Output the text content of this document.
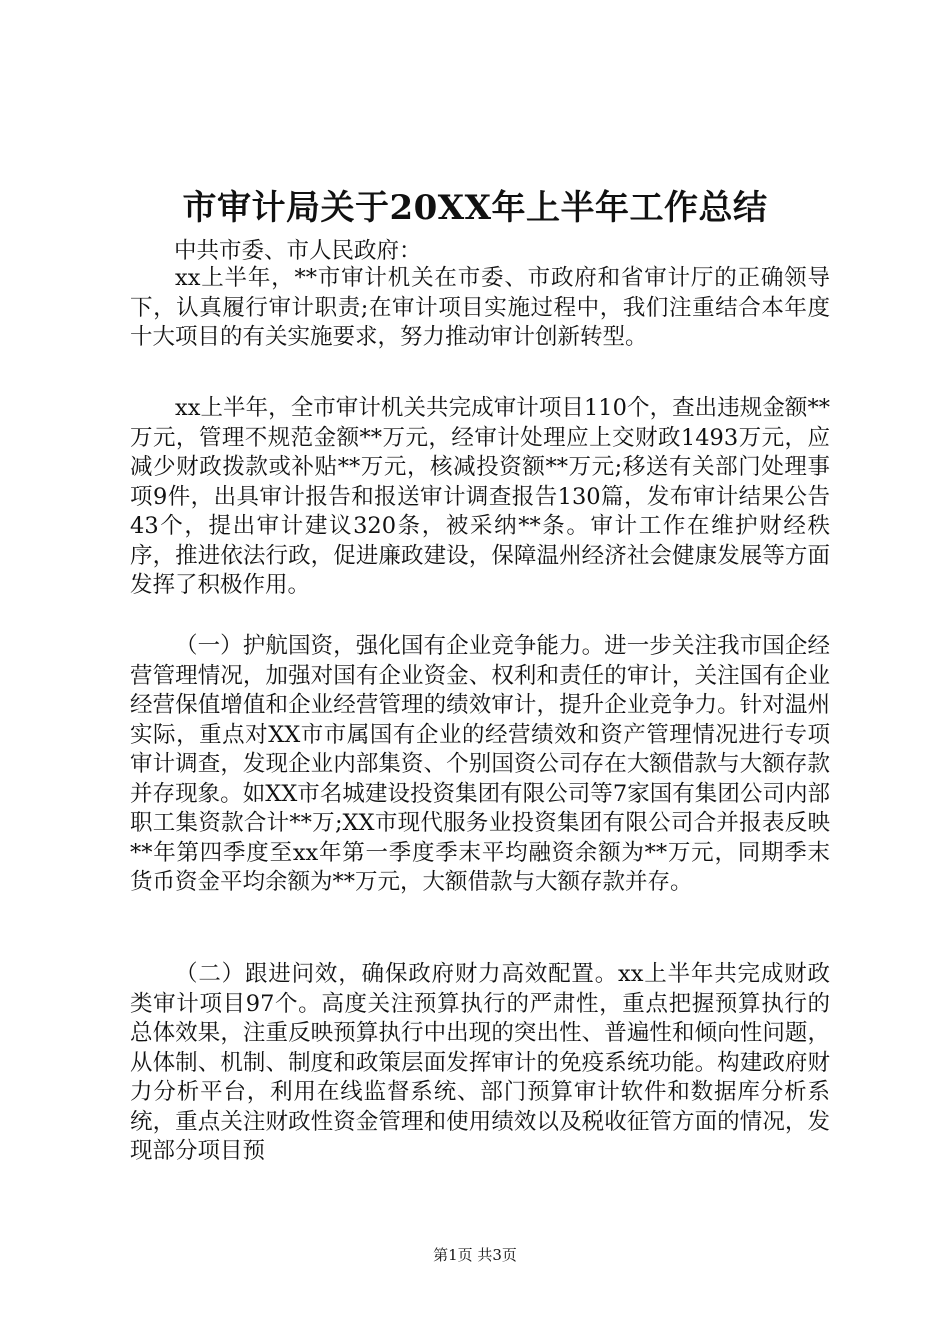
市审计局关于20XX年上半年工作总结

中共市委、市人民政府：

xx上半年，**市审计机关在市委、市政府和省审计厅的正确领导下，认真履行审计职责;在审计项目实施过程中，我们注重结合本年度十大项目的有关实施要求，努力推动审计创新转型。

xx上半年，全市审计机关共完成审计项目110个，查出违规金额**万元，管理不规范金额**万元，经审计处理应上交财政1493万元，应减少财政拨款或补贴**万元，核减投资额**万元;移送有关部门处理事项9件，出具审计报告和报送审计调查报告130篇，发布审计结果公告43个，提出审计建议320条，被采纳**条。审计工作在维护财经秩序，推进依法行政，促进廉政建设，保障温州经济社会健康发展等方面发挥了积极作用。

（一）护航国资，强化国有企业竞争能力。进一步关注我市国企经营管理情况，加强对国有企业资金、权利和责任的审计，关注国有企业经营保值增值和企业经营管理的绩效审计，提升企业竞争力。针对温州实际，重点对XX市市属国有企业的经营绩效和资产管理情况进行专项审计调查，发现企业内部集资、个别国资公司存在大额借款与大额存款并存现象。如XX市名城建设投资集团有限公司等7家国有集团公司内部职工集资款合计**万;XX市现代服务业投资集团有限公司合并报表反映**年第四季度至xx年第一季度季末平均融资余额为**万元，同期季末货币资金平均余额为**万元，大额借款与大额存款并存。

（二）跟进问效，确保政府财力高效配置。xx上半年共完成财政类审计项目97个。高度关注预算执行的严肃性，重点把握预算执行的总体效果，注重反映预算执行中出现的突出性、普遍性和倾向性问题，从体制、机制、制度和政策层面发挥审计的免疫系统功能。构建政府财力分析平台，利用在线监督系统、部门预算审计软件和数据库分析系统，重点关注财政性资金管理和使用绩效以及税收征管方面的情况，发现部分项目预

第1页 共3页
